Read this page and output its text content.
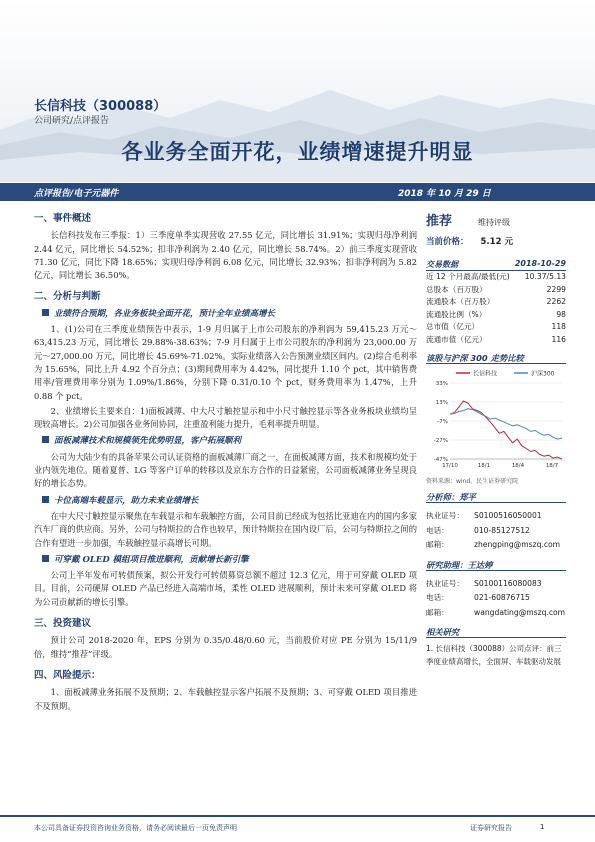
长信科技（300088）
公司研究/点评报告
各业务全面开花，业绩增速提升明显
点评报告/电子元器件	2018 年 10 月 29 日
一、事件概述
长信科技发布三季报：1）三季度单季实现营收 27.55 亿元，同比增长 31.91%；实现归母净利润 2.44 亿元，同比增长 54.52%；扣非净利润为 2.40 亿元，同比增长 58.74%。2）前三季度实现营收 71.30 亿元，同比下降 18.65%；实现归母净利润 6.08 亿元，同比增长 32.93%；扣非净利润为 5.82 亿元，同比增长 36.50%。
二、分析与判断
业绩符合预期，各业务板块全面开花，预计全年业绩高增长
1、(1)公司在三季度业绩预告中表示，1-9 月归属于上市公司股东的净利润为 59,415.23 万元～63,415.23 万元，同比增长 29.88%-38.63%；7-9 月归属于上市公司股东的净利润为 23,000.00 万元～27,000.00 万元，同比增长 45.69%-71.02%。实际业绩落入公告预测业绩区间内。(2)综合毛利率为 15.65%，同比上升 4.92 个百分点；(3)期间费用率为 4.42%，同比提升 1.10 个 pct，其中销售费用率/管理费用率分别为 1.09%/1.86%，分别下降 0.31/0.10 个 pct，财务费用率为 1.47%，上升 0.88 个 pct。
2、业绩增长主要来自：1)面板减薄、中大尺寸触控显示和中小尺寸触控显示等各业务板块业绩均呈现较高增长。2)公司加强各业务间协同，注重盈利能力提升，毛利率提升明显。
面板减薄技术和规模领先优势明显，客户拓展顺利
公司为大陆少有的具备苹果公司认证资格的面板减薄厂商之一，在面板减薄方面，技术和规模均处于业内领先地位。随着夏普、LG 等客户订单的转移以及京东方合作的日益紧密，公司面板减薄业务呈现良好的增长态势。
卡位高端车载显示，助力未来业绩增长
在中大尺寸触控显示聚焦在车载显示和车载触控方面，公司目前已经成为包括比亚迪在内的国内多家汽车厂商的供应商。另外，公司与特斯拉的合作也较早，预计特斯拉在国内设厂后，公司与特斯拉之间的合作有望进一步加强，车载触控显示高增长可期。
可穿戴 OLED 模组项目推进顺利，贡献增长新引擎
公司上半年发布可转债预案，拟公开发行可转债募资总额不超过 12.3 亿元，用于可穿戴 OLED 项目。目前，公司硬屏 OLED 产品已经进入高端市场，柔性 OLED 进展顺利，预计未来可穿戴 OLED 将为公司贡献新的增长引擎。
三、投资建议
预计公司 2018-2020 年，EPS 分别为 0.35/0.48/0.60 元，当前股价对应 PE 分别为 15/11/9 倍，维持“推荐”评级。
四、风险提示：
1、面板减薄业务拓展不及预期；2、车载触控显示客户拓展不及预期；3、可穿戴 OLED 项目推进不及预期。
推荐	维持评级
当前价格： 5.12 元
交易数据	2018-10-29
近 12 个月最高/最低(元) 10.37/5.13
总股本（百万股）	2299
流通股本（百万股）	2262
流通股比例（%）	98
总市值（亿元）	118
流通市值（亿元）	116
该股与沪深 300 走势比较
长信科技	沪深300
33%
13%
-7%
-27%
-47%
17/10	18/1	18/4	18/7
资料来源：wind，民生证券研究院
分析师：郑平
执业证号：	S0100516050001
电话：	010-85127512
邮箱：	zhengping@mszq.com
研究助理：王达婷
执业证号：	S0100116080083
电话：	021-60876715
邮箱：	wangdating@mszq.com
相关研究
1. 长信科技（300088）公司点评：前三季度业绩高增长，全面屏、车载驱动发展
本公司具备证券投资咨询业务资格，请务必阅读最后一页免责声明	证券研究报告	1
